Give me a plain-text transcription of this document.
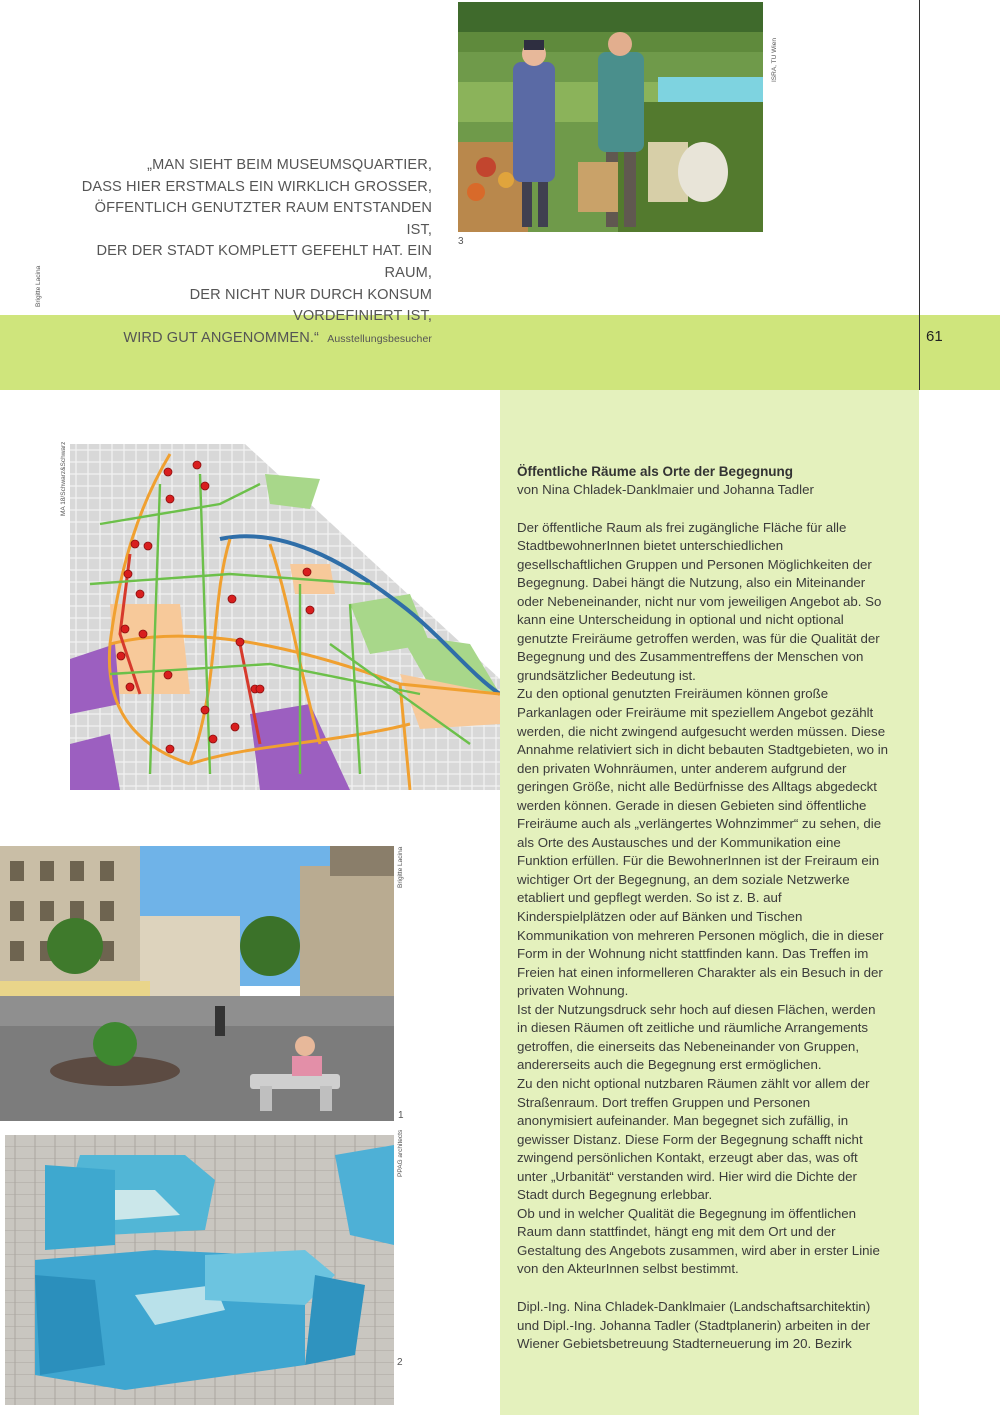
61
„MAN SIEHT BEIM MUSEUMSQUARTIER,
DASS HIER ERSTMALS EIN WIRKLICH GROSSER,
ÖFFENTLICH GENUTZTER RAUM ENTSTANDEN IST,
DER DER STADT KOMPLETT GEFEHLT HAT. EIN RAUM,
DER NICHT NUR DURCH KONSUM VORDEFINIERT IST,
WIRD GUT ANGENOMMEN.“ Ausstellungsbesucher
Brigitte Lacina
ISRA, TU Wien
3
MA 18/Schwarz&Schwarz
Brigitte Lacina
1
PPAG architects
2
Öffentliche Räume als Orte der Begegnung
von Nina Chladek-Danklmaier und Johanna Tadler

Der öffentliche Raum als frei zugängliche Fläche für alle StadtbewohnerInnen bietet unterschiedlichen gesellschaftlichen Gruppen und Personen Möglichkeiten der Begegnung. Dabei hängt die Nutzung, also ein Miteinander oder Nebeneinander, nicht nur vom jeweiligen Angebot ab. So kann eine Unterscheidung in optional und nicht optional genutzte Freiräume getroffen werden, was für die Qualität der Begegnung und des Zusammentreffens der Menschen von grundsätzlicher Bedeutung ist.

Zu den optional genutzten Freiräumen können große Parkanlagen oder Freiräume mit speziellem Angebot gezählt werden, die nicht zwingend aufgesucht werden müssen. Diese Annahme relativiert sich in dicht bebauten Stadtgebieten, wo in den privaten Wohnräumen, unter anderem aufgrund der geringen Größe, nicht alle Bedürfnisse des Alltags abgedeckt werden können. Gerade in diesen Gebieten sind öffentliche Freiräume auch als „verlängertes Wohnzimmer“ zu sehen, die als Orte des Austausches und der Kommunikation eine Funktion erfüllen. Für die BewohnerInnen ist der Freiraum ein wichtiger Ort der Begegnung, an dem soziale Netzwerke etabliert und gepflegt werden. So ist z. B. auf Kinderspielplätzen oder auf Bänken und Tischen Kommunikation von mehreren Personen möglich, die in dieser Form in der Wohnung nicht stattfinden kann. Das Treffen im Freien hat einen informelleren Charakter als ein Besuch in der privaten Wohnung.

Ist der Nutzungsdruck sehr hoch auf diesen Flächen, werden in diesen Räumen oft zeitliche und räumliche Arrangements getroffen, die einerseits das Nebeneinander von Gruppen, andererseits auch die Begegnung erst ermöglichen.

Zu den nicht optional nutzbaren Räumen zählt vor allem der Straßenraum. Dort treffen Gruppen und Personen anonymisiert aufeinander. Man begegnet sich zufällig, in gewisser Distanz. Diese Form der Begegnung schafft nicht zwingend persönlichen Kontakt, erzeugt aber das, was oft unter „Urbanität“ verstanden wird. Hier wird die Dichte der Stadt durch Begegnung erlebbar.

Ob und in welcher Qualität die Begegnung im öffentlichen Raum dann stattfindet, hängt eng mit dem Ort und der Gestaltung des Angebots zusammen, wird aber in erster Linie von den AkteurInnen selbst bestimmt.

Dipl.-Ing. Nina Chladek-Danklmaier (Landschaftsarchitektin) und Dipl.-Ing. Johanna Tadler (Stadtplanerin) arbeiten in der Wiener Gebietsbetreuung Stadterneuerung im 20. Bezirk
